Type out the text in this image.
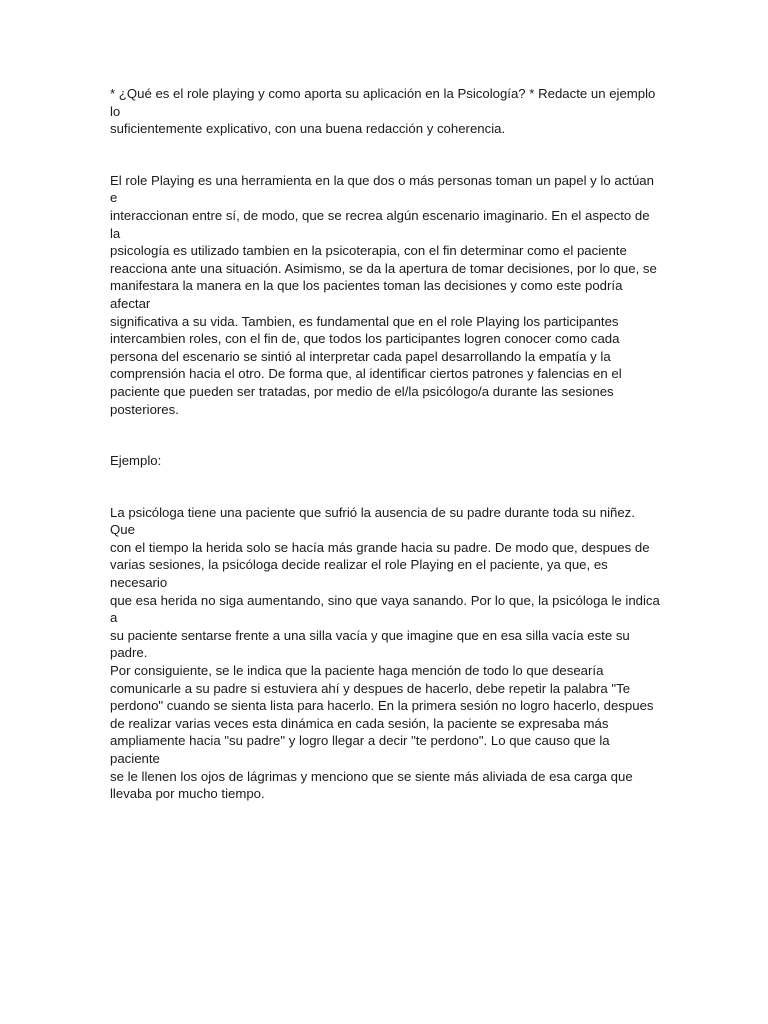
* ¿Qué es el role playing y como aporta su aplicación en la Psicología? * Redacte un ejemplo lo
suficientemente explicativo, con una buena redacción y coherencia.

El role Playing es una herramienta en la que dos o más personas toman un papel y lo actúan e
interaccionan entre sí, de modo, que se recrea algún escenario imaginario. En el aspecto de la
psicología es utilizado tambien en la psicoterapia, con el fin determinar como el paciente
reacciona ante una situación. Asimismo, se da la apertura de tomar decisiones, por lo que, se
manifestara la manera en la que los pacientes toman las decisiones y como este podría afectar
significativa a su vida. Tambien, es fundamental que en el role Playing los participantes
intercambien roles, con el fin de, que todos los participantes logren conocer como cada
persona del escenario se sintió al interpretar cada papel desarrollando la empatía y la
comprensión hacia el otro. De forma que, al identificar ciertos patrones y falencias en el
paciente que pueden ser tratadas, por medio de el/la psicólogo/a durante las sesiones
posteriores.

Ejemplo:

La psicóloga tiene una paciente que sufrió la ausencia de su padre durante toda su niñez. Que
con el tiempo la herida solo se hacía más grande hacia su padre. De modo que, despues de
varias sesiones, la psicóloga decide realizar el role Playing en el paciente, ya que, es necesario
que esa herida no siga aumentando, sino que vaya sanando. Por lo que, la psicóloga le indica a
su paciente sentarse frente a una silla vacía y que imagine que en esa silla vacía este su padre.
Por consiguiente, se le indica que la paciente haga mención de todo lo que desearía
comunicarle a su padre si estuviera ahí y despues de hacerlo, debe repetir la palabra "Te
perdono" cuando se sienta lista para hacerlo. En la primera sesión no logro hacerlo, despues
de realizar varias veces esta dinámica en cada sesión, la paciente se expresaba más
ampliamente hacia "su padre" y logro llegar a decir "te perdono". Lo que causo que la paciente
se le llenen los ojos de lágrimas y menciono que se siente más aliviada de esa carga que
llevaba por mucho tiempo.
